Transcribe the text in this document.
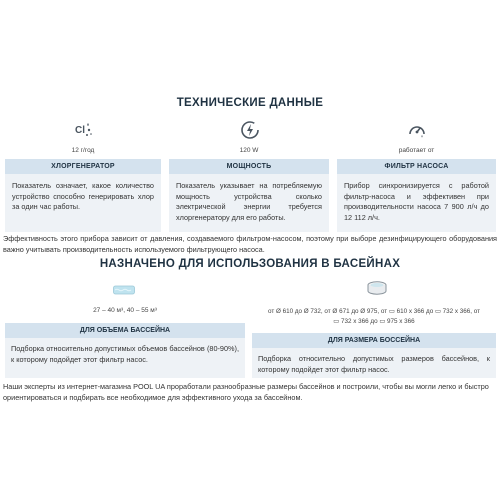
ТЕХНИЧЕСКИЕ ДАННЫЕ
Cl
12 г/год	120 W	работает от
ХЛОРГЕНЕРАТОР	МОЩНОСТЬ	ФИЛЬТР НАСОСА
Показатель означает, какое количество устройство способно генерировать хлор за один час работы.
Показатель указывает на потребляемую мощность устройства сколько электрической энергии требуется хлоргенератору для его работы.
Прибор синхронизируется с работой фильтр-насоса и эффективен при производительности насоса 7 900 л/ч до 12 112 л/ч.
Эффективность этого прибора зависит от давления, создаваемого фильтром-насосом, поэтому при выборе дезинфицирующего оборудования важно учитывать производительность используемого фильтрующего насоса.
НАЗНАЧЕНО ДЛЯ ИСПОЛЬЗОВАНИЯ В БАСЕЙНАХ
27 – 40 м³, 40 – 55 м³	от Ø 610 до Ø 732, от Ø 671 до Ø 975, от ▭ 610 х 366 до ▭ 732 х 366, от
▭ 732 х 366 до ▭ 975 х 366
ДЛЯ ОБЪЕМА БАССЕЙНА
ДЛЯ РАЗМЕРА БОССЕЙНА
Подборка относительно допустимых объемов бассейнов (80-90%), к которому подойдет этот фильтр насос.	Подборка относительно допустимых размеров бассейнов, к которому подойдет этот фильтр насос.
Наши эксперты из интернет-магазина POOL UA проработали разнообразные размеры бассейнов и построили, чтобы вы могли легко и быстро ориентироваться и подбирать все необходимое для эффективного ухода за бассейном.
